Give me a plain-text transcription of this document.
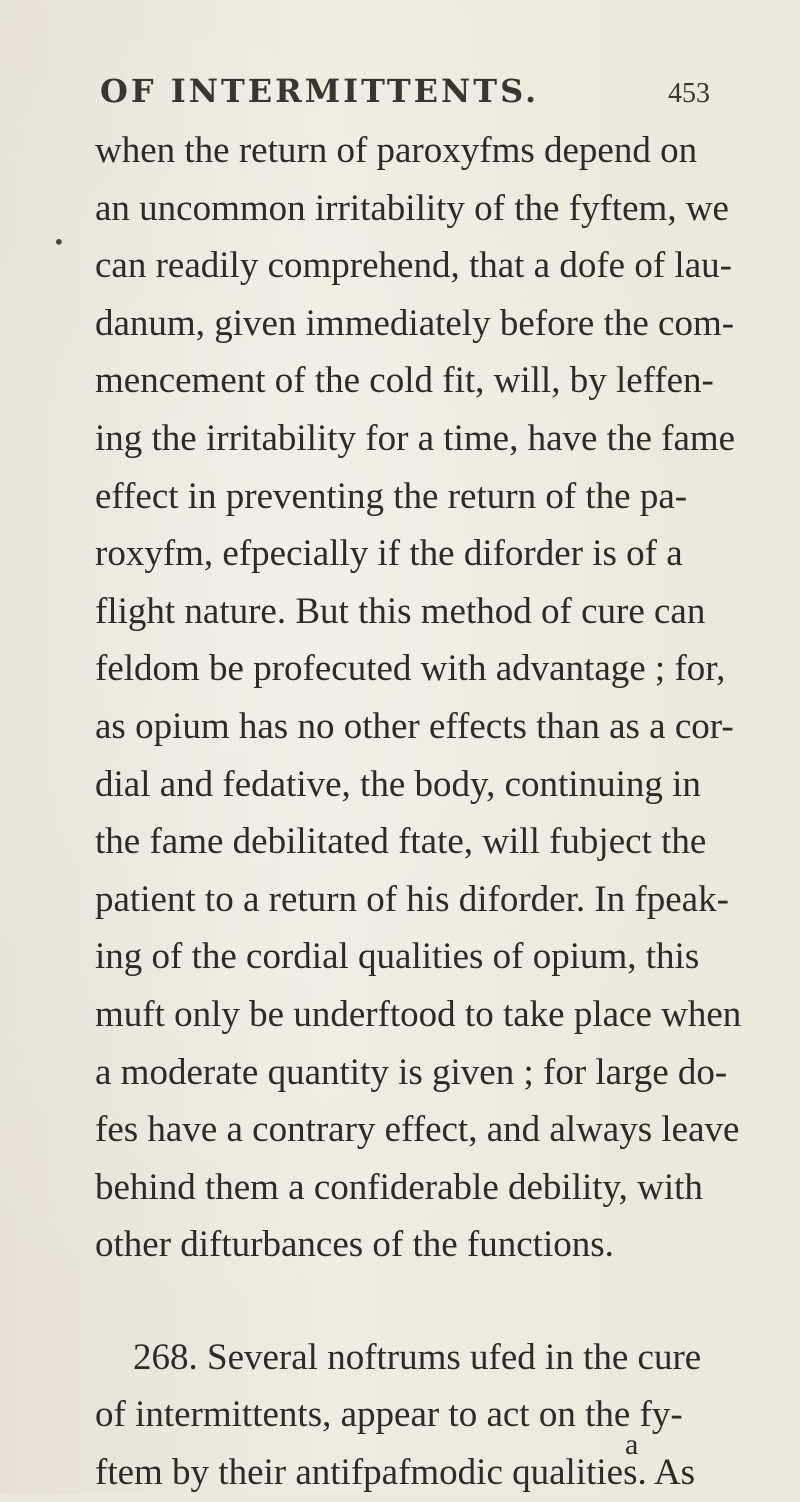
OF INTERMITTENTS.	453
•
when the return of paroxyfms depend on
an uncommon irritability of the fyftem, we
can readily comprehend, that a dofe of lau-
danum, given immediately before the com-
mencement of the cold fit, will, by leffen-
ing the irritability for a time, have the fame
effect in preventing the return of the pa-
roxyfm, efpecially if the diforder is of a
flight nature. But this method of cure can
feldom be profecuted with advantage ; for,
as opium has no other effects than as a cor-
dial and fedative, the body, continuing in
the fame debilitated ftate, will fubject the
patient to a return of his diforder. In fpeak-
ing of the cordial qualities of opium, this
muft only be underftood to take place when
a moderate quantity is given ; for large do-
fes have a contrary effect, and always leave
behind them a confiderable debility, with
other difturbances of the functions.
268. Several noftrums ufed in the cure
of intermittents, appear to act on the fy-
ftem by their antifpafmodic qualities. As
a
